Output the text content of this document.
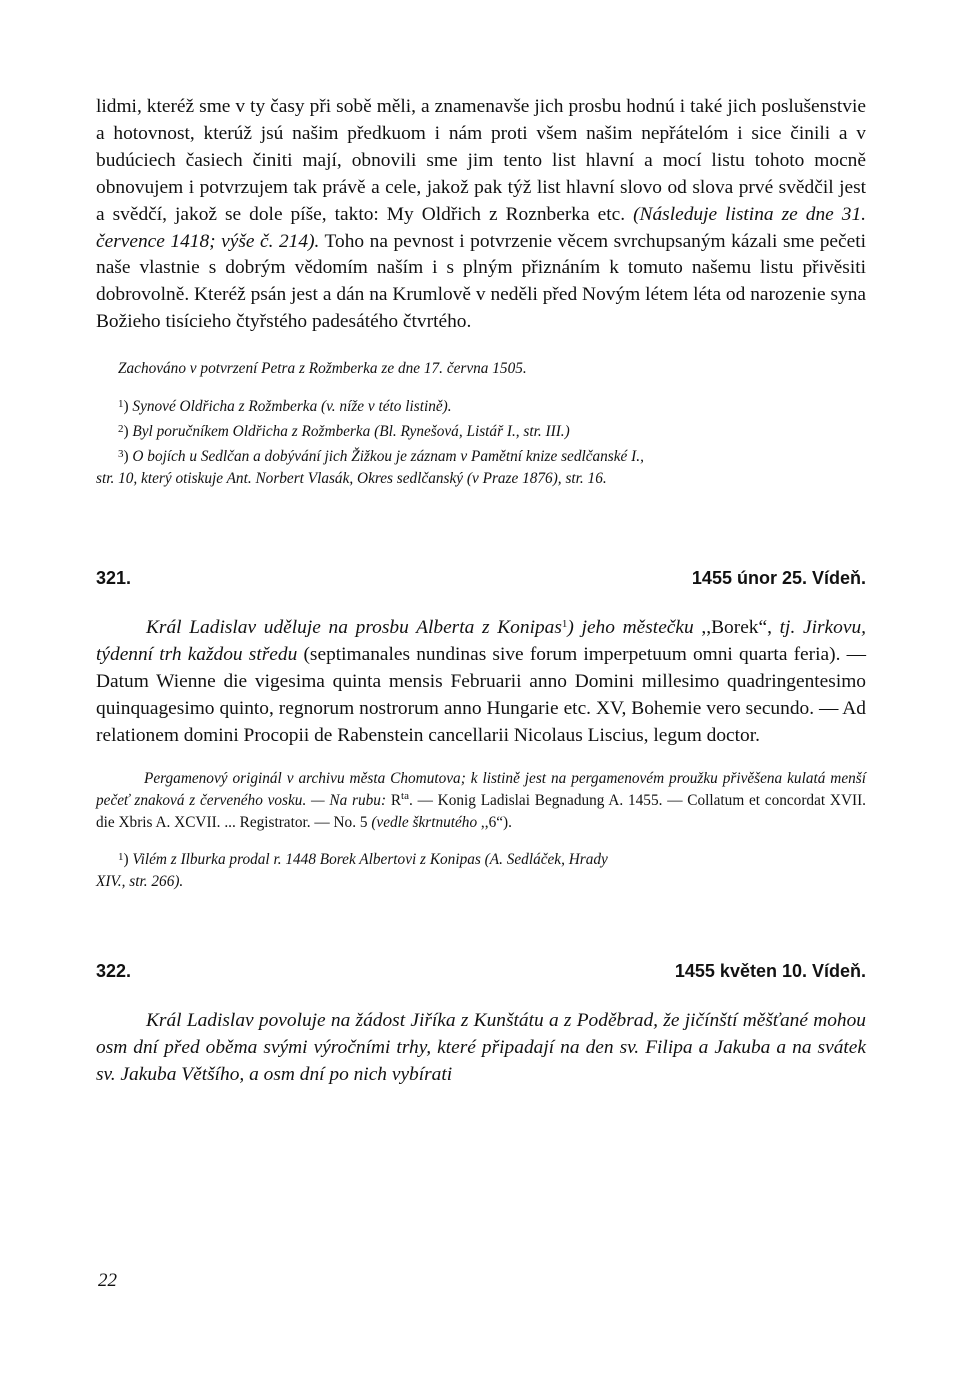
lidmi, kteréž sme v ty časy při sobě měli, a znamenavše jich prosbu hodnú i také jich poslušenstvie a hotovnost, kterúž jsú našim předkuom i nám proti všem našim nepřátelóm i sice činili a v budúciech časiech činiti mají, obnovili sme jim tento list hlavní a mocí listu tohoto mocně obnovujem i potvrzujem tak právě a cele, jakož pak týž list hlavní slovo od slova prvé svědčil jest a svědčí, jakož se dole píše, takto: My Oldřich z Roznberka etc. (Následuje listina ze dne 31. července 1418; výše č. 214). Toho na pevnost i potvrzenie věcem svrchupsaným kázali sme pečeti naše vlastnie s dobrým vědomím naším i s plným přiznáním k tomuto našemu listu přivěsiti dobrovolně. Kteréž psán jest a dán na Krumlově v neděli před Novým létem léta od narozenie syna Božieho tisícieho čtyřstého padesátého čtvrtého.

Zachováno v potvrzení Petra z Rožmberka ze dne 17. června 1505.

$^1$) Synové Oldřicha z Rožmberka (v. níže v této listině).

$^2$) Byl poručníkem Oldřicha z Rožmberka (Bl. Rynešová, Listář I., str. III.)

$^3$) O bojích u Sedlčan a dobývání jich Žižkou je záznam v Pamětní knize sedlčanské I.,

str. 10, který otiskuje Ant. Norbert Vlasák, Okres sedlčanský (v Praze 1876), str. 16.

321.	1455 únor 25. Vídeň.

Král Ladislav uděluje na prosbu Alberta z Konipas$^1$) jeho městečku ,,Borek“, tj. Jirkovu, týdenní trh každou středu (septimanales nundinas sive forum imperpetuum omni quarta feria). — Datum Wienne die vigesima quinta mensis Februarii anno Domini millesimo quadringentesimo quinquagesimo quinto, regnorum nostrorum anno Hungarie etc. XV, Bohemie vero secundo. — Ad relationem domini Procopii de Rabenstein cancellarii Nicolaus Liscius, legum doctor.

Pergamenový originál v archivu města Chomutova; k listině jest na pergamenovém proužku přivěšena kulatá menší pečeť znaková z červeného vosku. — Na rubu: $R^{ta}$. — Konig Ladislai Begnadung A. 1455. — Collatum et concordat XVII. die Xbris A. XCVII. ... Registrator. — No. 5 (vedle škrtnutého ,,6“).

$^1$) Vilém z Ilburka prodal r. 1448 Borek Albertovi z Konipas (A. Sedláček, Hrady

XIV., str. 266).

322.	1455 květen 10. Vídeň.

Král Ladislav povoluje na žádost Jiříka z Kunštátu a z Poděbrad, že jičínští měšťané mohou osm dní před oběma svými výročními trhy, které připadají na den sv. Filipa a Jakuba a na svátek sv. Jakuba Většího, a osm dní po nich vybírati

22
